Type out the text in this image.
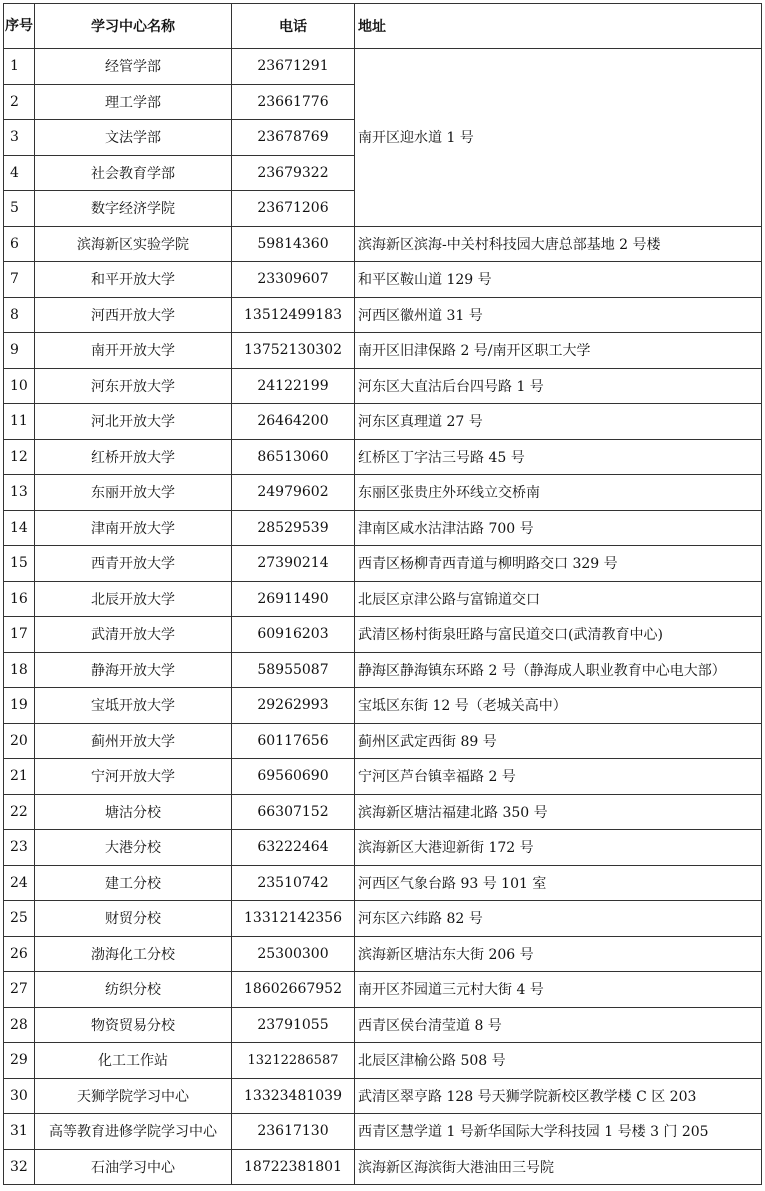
序号	学习中心名称	电话	地址
1	经管学部	23671291	南开区迎水道 1 号
2	理工学部	23661776	
3	文法学部	23678769	
4	社会教育学部	23679322	
5	数字经济学院	23671206	
6	滨海新区实验学院	59814360	滨海新区滨海-中关村科技园大唐总部基地 2 号楼
7	和平开放大学	23309607	和平区鞍山道 129 号
8	河西开放大学	13512499183	河西区徽州道 31 号
9	南开开放大学	13752130302	南开区旧津保路 2 号/南开区职工大学
10	河东开放大学	24122199	河东区大直沽后台四号路 1 号
11	河北开放大学	26464200	河东区真理道 27 号
12	红桥开放大学	86513060	红桥区丁字沽三号路 45 号
13	东丽开放大学	24979602	东丽区张贵庄外环线立交桥南
14	津南开放大学	28529539	津南区咸水沽津沽路 700 号
15	西青开放大学	27390214	西青区杨柳青西青道与柳明路交口 329 号
16	北辰开放大学	26911490	北辰区京津公路与富锦道交口
17	武清开放大学	60916203	武清区杨村街泉旺路与富民道交口(武清教育中心)
18	静海开放大学	58955087	静海区静海镇东环路 2 号（静海成人职业教育中心电大部）
19	宝坻开放大学	29262993	宝坻区东街 12 号（老城关高中）
20	蓟州开放大学	60117656	蓟州区武定西街 89 号
21	宁河开放大学	69560690	宁河区芦台镇幸福路 2 号
22	塘沽分校	66307152	滨海新区塘沽福建北路 350 号
23	大港分校	63222464	滨海新区大港迎新街 172 号
24	建工分校	23510742	河西区气象台路 93 号 101 室
25	财贸分校	13312142356	河东区六纬路 82 号
26	渤海化工分校	25300300	滨海新区塘沽东大街 206 号
27	纺织分校	18602667952	南开区芥园道三元村大街 4 号
28	物资贸易分校	23791055	西青区侯台清莹道 8 号
29	化工工作站	13212286587	北辰区津榆公路 508 号
30	天狮学院学习中心	13323481039	武清区翠亨路 128 号天狮学院新校区教学楼 C 区 203
31	高等教育进修学院学习中心	23617130	西青区慧学道 1 号新华国际大学科技园 1 号楼 3 门 205
32	石油学习中心	18722381801	滨海新区海滨街大港油田三号院
